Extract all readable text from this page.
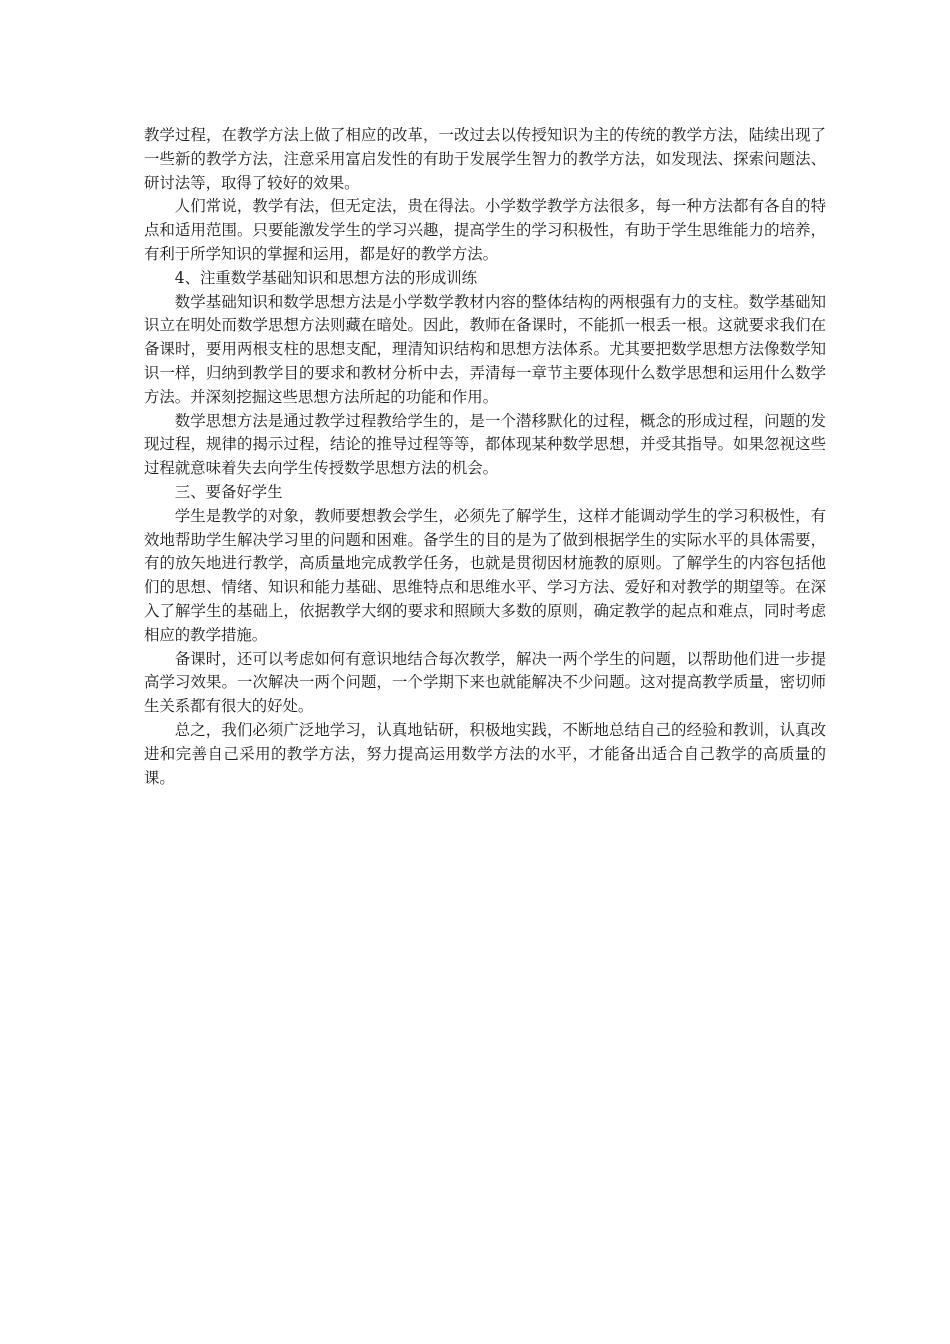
教学过程，在教学方法上做了相应的改革，一改过去以传授知识为主的传统的教学方法，陆续出现了一些新的教学方法，注意采用富启发性的有助于发展学生智力的教学方法，如发现法、探索问题法、研讨法等，取得了较好的效果。

人们常说，教学有法，但无定法，贵在得法。小学数学教学方法很多，每一种方法都有各自的特点和适用范围。只要能激发学生的学习兴趣，提高学生的学习积极性，有助于学生思维能力的培养，有利于所学知识的掌握和运用，都是好的教学方法。

4、注重数学基础知识和思想方法的形成训练

数学基础知识和数学思想方法是小学数学教材内容的整体结构的两根强有力的支柱。数学基础知识立在明处而数学思想方法则藏在暗处。因此，教师在备课时，不能抓一根丢一根。这就要求我们在备课时，要用两根支柱的思想支配，理清知识结构和思想方法体系。尤其要把数学思想方法像数学知识一样，归纳到教学目的要求和教材分析中去，弄清每一章节主要体现什么数学思想和运用什么数学方法。并深刻挖掘这些思想方法所起的功能和作用。

数学思想方法是通过教学过程教给学生的，是一个潜移默化的过程，概念的形成过程，问题的发现过程，规律的揭示过程，结论的推导过程等等，都体现某种数学思想，并受其指导。如果忽视这些过程就意味着失去向学生传授数学思想方法的机会。

三、要备好学生

学生是教学的对象，教师要想教会学生，必须先了解学生，这样才能调动学生的学习积极性，有效地帮助学生解决学习里的问题和困难。备学生的目的是为了做到根据学生的实际水平的具体需要，有的放矢地进行教学，高质量地完成教学任务，也就是贯彻因材施教的原则。了解学生的内容包括他们的思想、情绪、知识和能力基础、思维特点和思维水平、学习方法、爱好和对教学的期望等。在深入了解学生的基础上，依据教学大纲的要求和照顾大多数的原则，确定教学的起点和难点，同时考虑相应的教学措施。

备课时，还可以考虑如何有意识地结合每次教学，解决一两个学生的问题，以帮助他们进一步提高学习效果。一次解决一两个问题，一个学期下来也就能解决不少问题。这对提高教学质量，密切师生关系都有很大的好处。

总之，我们必须广泛地学习，认真地钻研，积极地实践，不断地总结自己的经验和教训，认真改进和完善自己采用的教学方法，努力提高运用数学方法的水平，才能备出适合自己教学的高质量的课。
